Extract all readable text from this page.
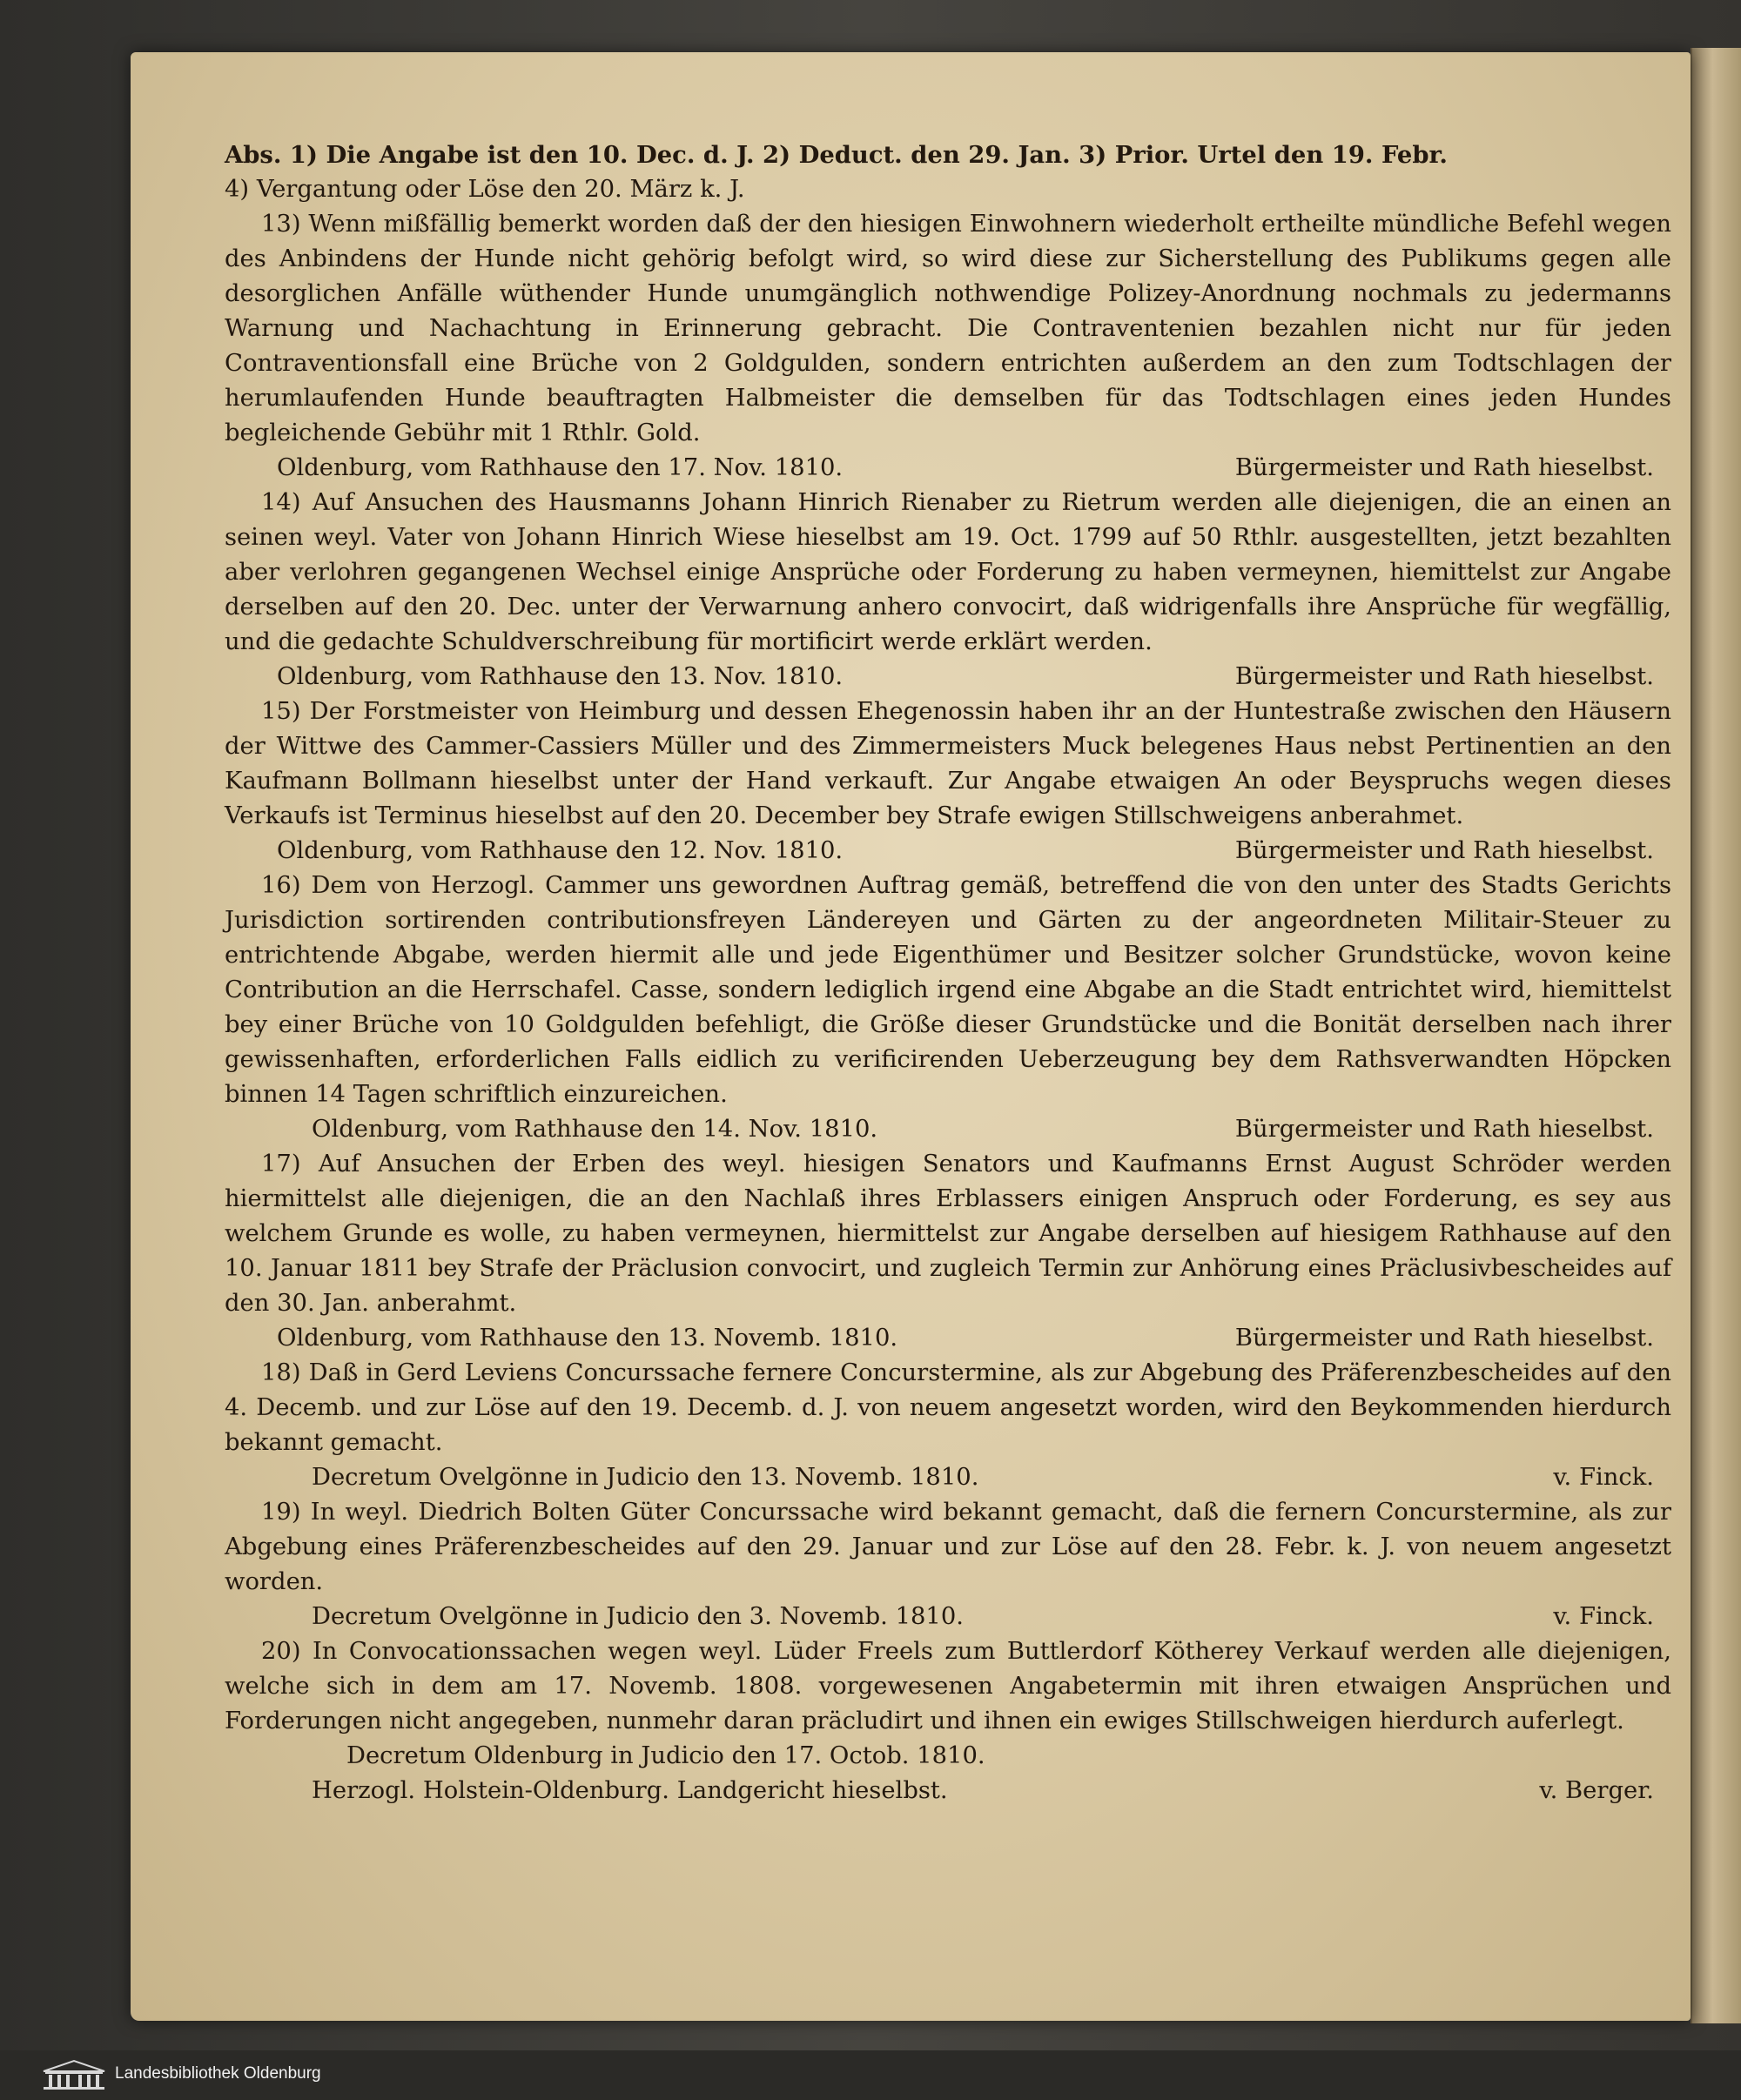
Abs. 1) Die Angabe ist den 10. Dec. d. J. 2) Deduct. den 29. Jan. 3) Prior. Urtel den 19. Febr.

4) Vergantung oder Löse den 20. März k. J.

13) Wenn mißfällig bemerkt worden daß der den hiesigen Einwohnern wiederholt ertheilte mündliche Befehl wegen des Anbindens der Hunde nicht gehörig befolgt wird, so wird diese zur Sicherstellung des Publikums gegen alle desorglichen Anfälle wüthender Hunde unumgänglich nothwendige Polizey-Anordnung nochmals zu jedermanns Warnung und Nachachtung in Erinnerung gebracht. Die Contraventenien bezahlen nicht nur für jeden Contraventionsfall eine Brüche von 2 Goldgulden, sondern entrichten außerdem an den zum Todtschlagen der herumlaufenden Hunde beauftragten Halbmeister die demselben für das Todtschlagen eines jeden Hundes begleichende Gebühr mit 1 Rthlr. Gold.

Oldenburg, vom Rathhause den 17. Nov. 1810.	Bürgermeister und Rath hieselbst.

14) Auf Ansuchen des Hausmanns Johann Hinrich Rienaber zu Rietrum werden alle diejenigen, die an einen an seinen weyl. Vater von Johann Hinrich Wiese hieselbst am 19. Oct. 1799 auf 50 Rthlr. ausgestellten, jetzt bezahlten aber verlohren gegangenen Wechsel einige Ansprüche oder Forderung zu haben vermeynen, hiemittelst zur Angabe derselben auf den 20. Dec. unter der Verwarnung anhero convocirt, daß widrigenfalls ihre Ansprüche für wegfällig, und die gedachte Schuldverschreibung für mortificirt werde erklärt werden.

Oldenburg, vom Rathhause den 13. Nov. 1810.	Bürgermeister und Rath hieselbst.

15) Der Forstmeister von Heimburg und dessen Ehegenossin haben ihr an der Huntestraße zwischen den Häusern der Wittwe des Cammer-Cassiers Müller und des Zimmermeisters Muck belegenes Haus nebst Pertinentien an den Kaufmann Bollmann hieselbst unter der Hand verkauft. Zur Angabe etwaigen An oder Beyspruchs wegen dieses Verkaufs ist Terminus hieselbst auf den 20. December bey Strafe ewigen Stillschweigens anberahmet.

Oldenburg, vom Rathhause den 12. Nov. 1810.	Bürgermeister und Rath hieselbst.

16) Dem von Herzogl. Cammer uns gewordnen Auftrag gemäß, betreffend die von den unter des Stadts Gerichts Jurisdiction sortirenden contributionsfreyen Ländereyen und Gärten zu der angeordneten Militair-Steuer zu entrichtende Abgabe, werden hiermit alle und jede Eigenthümer und Besitzer solcher Grundstücke, wovon keine Contribution an die Herrschafel. Casse, sondern lediglich irgend eine Abgabe an die Stadt entrichtet wird, hiemittelst bey einer Brüche von 10 Goldgulden befehligt, die Größe dieser Grundstücke und die Bonität derselben nach ihrer gewissenhaften, erforderlichen Falls eidlich zu verificirenden Ueberzeugung bey dem Rathsverwandten Höpcken binnen 14 Tagen schriftlich einzureichen.

Oldenburg, vom Rathhause den 14. Nov. 1810.	Bürgermeister und Rath hieselbst.

17) Auf Ansuchen der Erben des weyl. hiesigen Senators und Kaufmanns Ernst August Schröder werden hiermittelst alle diejenigen, die an den Nachlaß ihres Erblassers einigen Anspruch oder Forderung, es sey aus welchem Grunde es wolle, zu haben vermeynen, hiermittelst zur Angabe derselben auf hiesigem Rathhause auf den 10. Januar 1811 bey Strafe der Präclusion convocirt, und zugleich Termin zur Anhörung eines Präclusivbescheides auf den 30. Jan. anberahmt.

Oldenburg, vom Rathhause den 13. Novemb. 1810.	Bürgermeister und Rath hieselbst.

18) Daß in Gerd Leviens Concurssache fernere Concurstermine, als zur Abgebung des Präferenzbescheides auf den 4. Decemb. und zur Löse auf den 19. Decemb. d. J. von neuem angesetzt worden, wird den Beykommenden hierdurch bekannt gemacht.

Decretum Ovelgönne in Judicio den 13. Novemb. 1810.	v. Finck.

19) In weyl. Diedrich Bolten Güter Concurssache wird bekannt gemacht, daß die fernern Concurstermine, als zur Abgebung eines Präferenzbescheides auf den 29. Januar und zur Löse auf den 28. Febr. k. J. von neuem angesetzt worden.

Decretum Ovelgönne in Judicio den 3. Novemb. 1810.	v. Finck.

20) In Convocationssachen wegen weyl. Lüder Freels zum Buttlerdorf Kötherey Verkauf werden alle diejenigen, welche sich in dem am 17. Novemb. 1808. vorgewesenen Angabetermin mit ihren etwaigen Ansprüchen und Forderungen nicht angegeben, nunmehr daran präcludirt und ihnen ein ewiges Stillschweigen hierdurch auferlegt.

Decretum Oldenburg in Judicio den 17. Octob. 1810.
Herzogl. Holstein-Oldenburg. Landgericht hieselbst.	v. Berger.
Landesbibliothek Oldenburg
